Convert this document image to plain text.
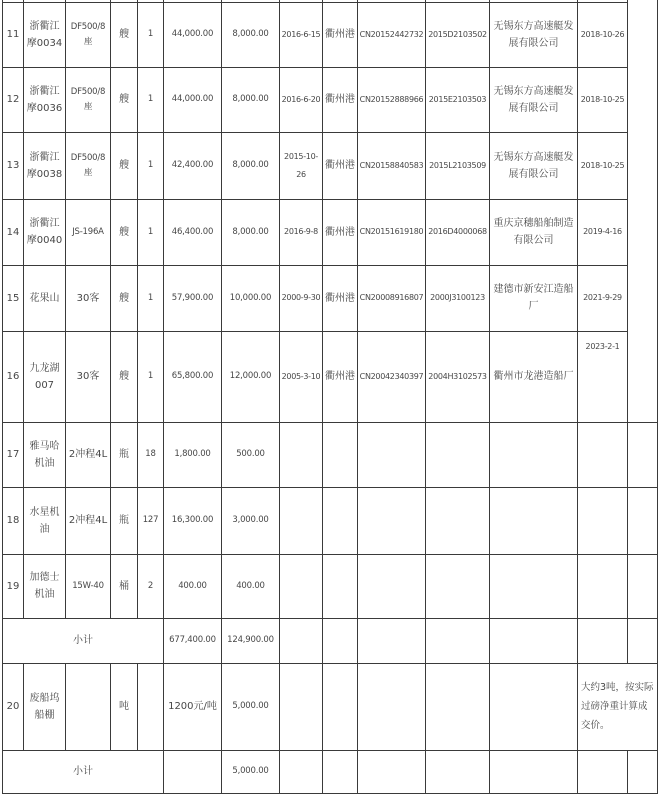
11	浙衢江摩0034	DF500/8座	艘	1	44,000.00	8,000.00	2016-6-15	衢州港	CN20152442732	2015D2103502	无锡东方高速艇发展有限公司	2018-10-26	
12	浙衢江摩0036	DF500/8座	艘	1	44,000.00	8,000.00	2016-6-20	衢州港	CN20152888966	2015E2103503	无锡东方高速艇发展有限公司	2018-10-25	
13	浙衢江摩0038	DF500/8座	艘	1	42,400.00	8,000.00	2015-10-26	衢州港	CN20158840583	2015L2103509	无锡东方高速艇发展有限公司	2018-10-25	
14	浙衢江摩0040	JS-196A	艘	1	46,400.00	8,000.00	2016-9-8	衢州港	CN20151619180	2016D4000068	重庆京穗船舶制造有限公司	2019-4-16	
15	花果山	30客	艘	1	57,900.00	10,000.00	2000-9-30	衢州港	CN20008916807	2000J3100123	建德市新安江造船厂	2021-9-29	
16	九龙湖007	30客	艘	1	65,800.00	12,000.00	2005-3-10	衢州港	CN20042340397	2004H3102573	衢州市龙港造船厂	2023-2-1	
17	雅马哈机油	2冲程4L	瓶	18	1,800.00	500.00							
18	水星机油	2冲程4L	瓶	127	16,300.00	3,000.00							
19	加德士机油	15W-40	桶	2	400.00	400.00							
小计					677,400.00	124,900.00							
20	废船坞船棚		吨		1200元/吨	5,000.00						大约3吨，按实际过磅净重计算成交价。	
小计						5,000.00							
